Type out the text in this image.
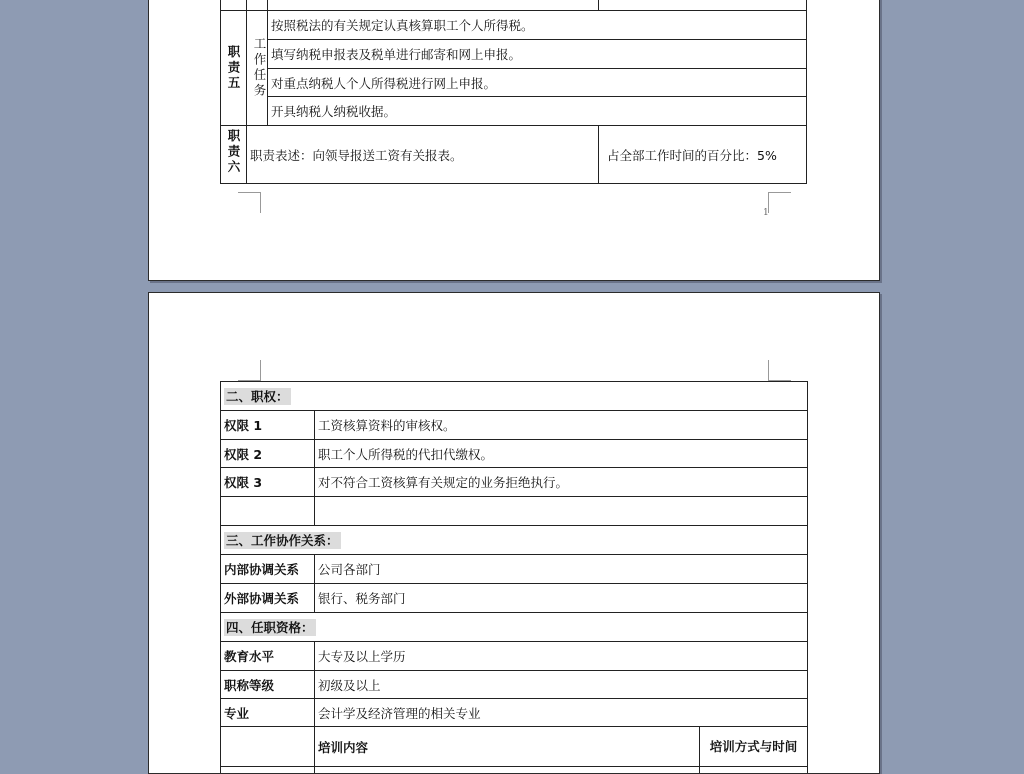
职责五	工作任务	按照税法的有关规定认真核算职工个人所得税。	
		填写纳税申报表及税单进行邮寄和网上申报。	
		对重点纳税人个人所得税进行网上申报。	
		开具纳税人纳税收据。	

职责六	职责表述：向领导报送工资有关报表。		占全部工作时间的百分比：5%
1
二、职权：		
权限 1	工资核算资料的审核权。	
权限 2	职工个人所得税的代扣代缴权。	
权限 3	对不符合工资核算有关规定的业务拒绝执行。	

三、工作协作关系：		
内部协调关系	公司各部门	
外部协调关系	银行、税务部门	
四、任职资格：		
教育水平	大专及以上学历	
职称等级	初级及以上	
专业	会计学及经济管理的相关专业	
	培训内容	培训方式与时间
